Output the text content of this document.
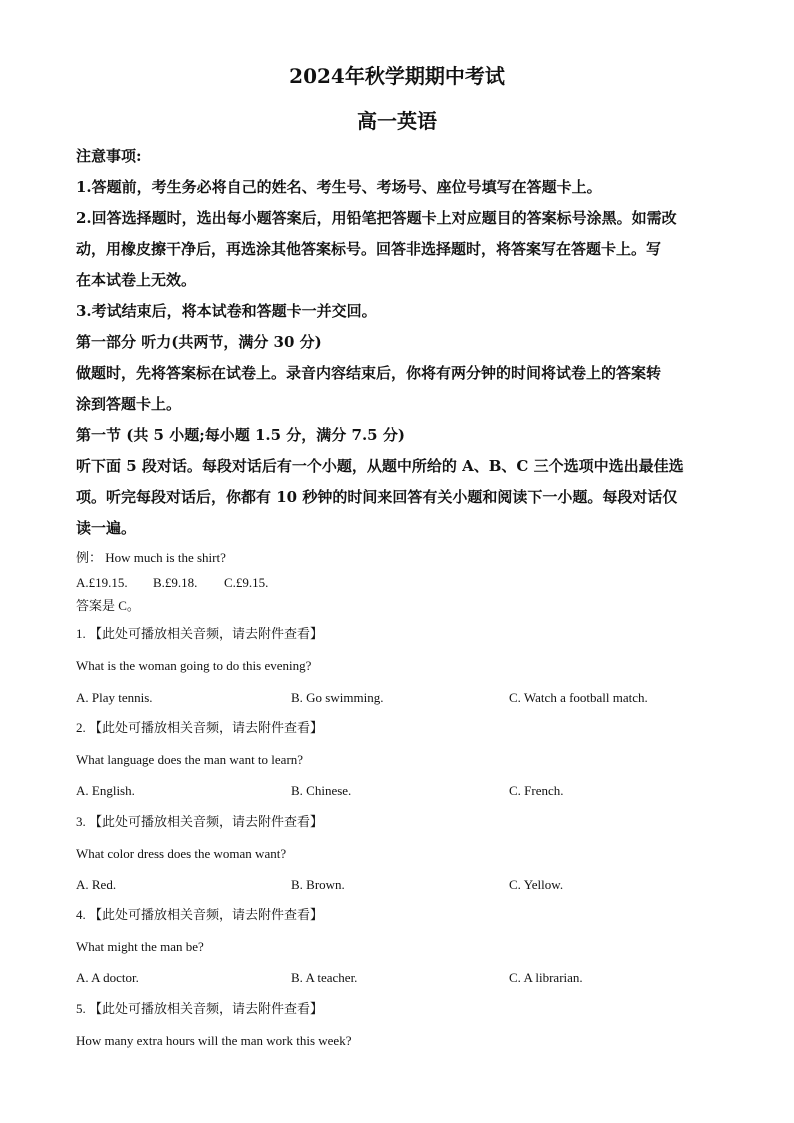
2024年秋学期期中考试
高一英语
注意事项:
1.答题前，考生务必将自己的姓名、考生号、考场号、座位号填写在答题卡上。
2.回答选择题时，选出每小题答案后，用铅笔把答题卡上对应题目的答案标号涂黑。如需改
动，用橡皮擦干净后，再选涂其他答案标号。回答非选择题时，将答案写在答题卡上。写
在本试卷上无效。
3.考试结束后，将本试卷和答题卡一并交回。
第一部分 听力(共两节，满分 30 分)
做题时，先将答案标在试卷上。录音内容结束后，你将有两分钟的时间将试卷上的答案转
涂到答题卡上。
第一节 (共 5 小题;每小题 1.5 分，满分 7.5 分)
听下面 5 段对话。每段对话后有一个小题，从题中所给的 A、B、C 三个选项中选出最佳选
项。听完每段对话后，你都有 10 秒钟的时间来回答有关小题和阅读下一小题。每段对话仅
读一遍。
例： How much is the shirt?
A.£19.15. B.£9.18. C.£9.15.
答案是 C。
1. 【此处可播放相关音频，请去附件查看】
What is the woman going to do this evening?
A. Play tennis.	B. Go swimming.	C. Watch a football match.
2. 【此处可播放相关音频，请去附件查看】
What language does the man want to learn?
A. English.	B. Chinese.	C. French.
3. 【此处可播放相关音频，请去附件查看】
What color dress does the woman want?
A. Red.	B. Brown.	C. Yellow.
4. 【此处可播放相关音频，请去附件查看】
What might the man be?
A. A doctor.	B. A teacher.	C. A librarian.
5. 【此处可播放相关音频，请去附件查看】
How many extra hours will the man work this week?
